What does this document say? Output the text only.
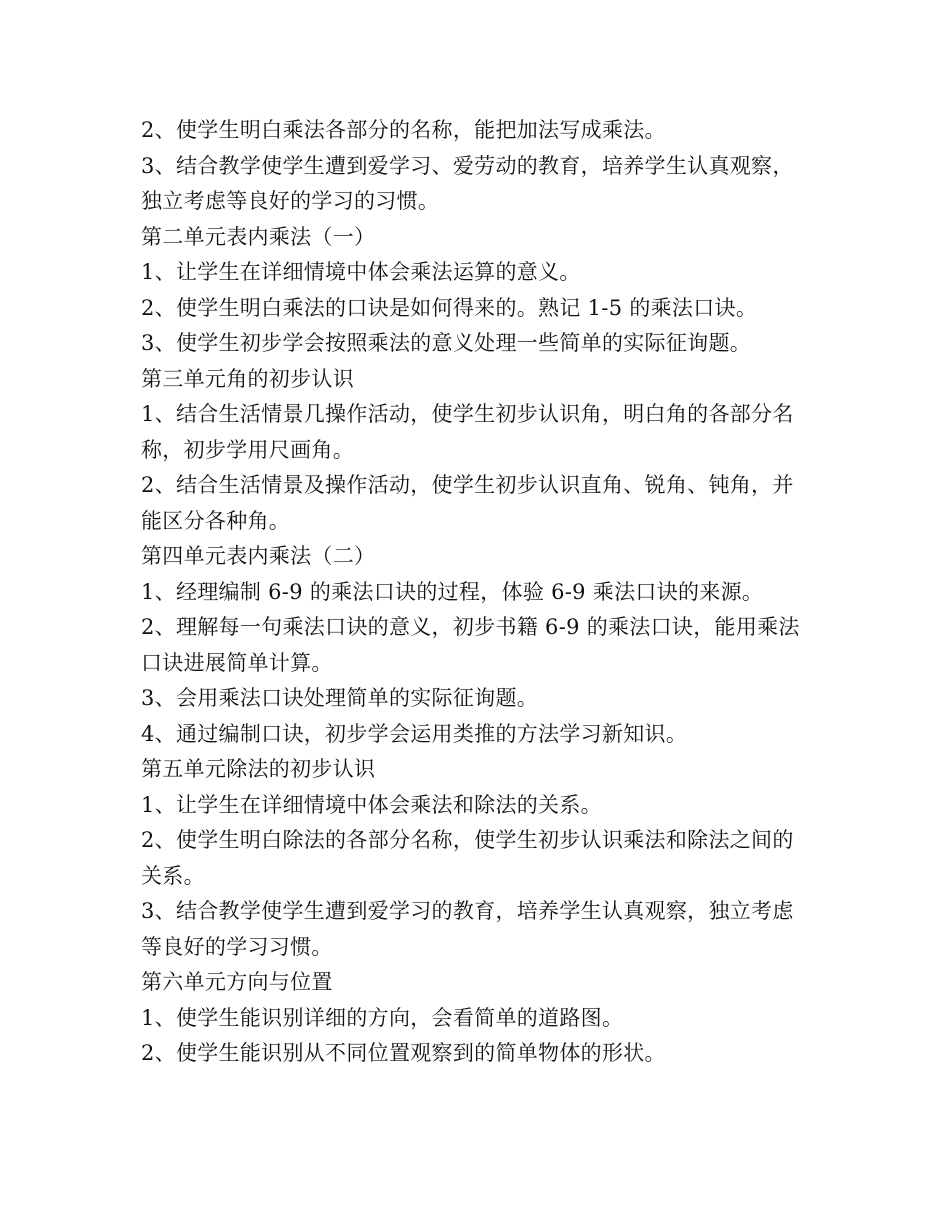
2、使学生明白乘法各部分的名称，能把加法写成乘法。
3、结合教学使学生遭到爱学习、爱劳动的教育，培养学生认真观察，
独立考虑等良好的学习的习惯。
第二单元表内乘法（一）
1、让学生在详细情境中体会乘法运算的意义。
2、使学生明白乘法的口诀是如何得来的。熟记 1-5 的乘法口诀。
3、使学生初步学会按照乘法的意义处理一些简单的实际征询题。
第三单元角的初步认识
1、结合生活情景几操作活动，使学生初步认识角，明白角的各部分名
称，初步学用尺画角。
2、结合生活情景及操作活动，使学生初步认识直角、锐角、钝角，并
能区分各种角。
第四单元表内乘法（二）
1、经理编制 6-9 的乘法口诀的过程，体验 6-9 乘法口诀的来源。
2、理解每一句乘法口诀的意义，初步书籍 6-9 的乘法口诀，能用乘法
口诀进展简单计算。
3、会用乘法口诀处理简单的实际征询题。
4、通过编制口诀，初步学会运用类推的方法学习新知识。
第五单元除法的初步认识
1、让学生在详细情境中体会乘法和除法的关系。
2、使学生明白除法的各部分名称，使学生初步认识乘法和除法之间的
关系。
3、结合教学使学生遭到爱学习的教育，培养学生认真观察，独立考虑
等良好的学习习惯。
第六单元方向与位置
1、使学生能识别详细的方向，会看简单的道路图。
2、使学生能识别从不同位置观察到的简单物体的形状。
